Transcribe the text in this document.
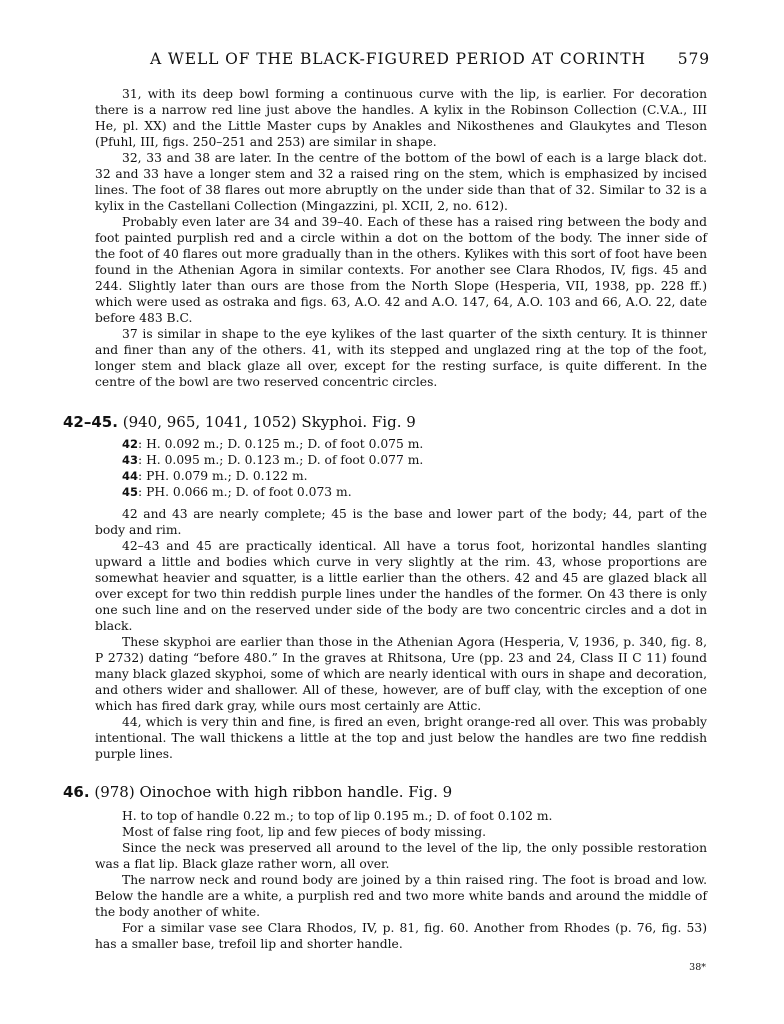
A WELL OF THE BLACK-FIGURED PERIOD AT CORINTH 579

31, with its deep bowl forming a continuous curve with the lip, is earlier. For decoration there is a narrow red line just above the handles. A kylix in the Robinson Collection (C.V.A., III He, pl. XX) and the Little Master cups by Anakles and Nikosthenes and Glaukytes and Tleson (Pfuhl, III, figs. 250–251 and 253) are similar in shape.

32, 33 and 38 are later. In the centre of the bottom of the bowl of each is a large black dot. 32 and 33 have a longer stem and 32 a raised ring on the stem, which is emphasized by incised lines. The foot of 38 flares out more abruptly on the under side than that of 32. Similar to 32 is a kylix in the Castellani Collection (Mingazzini, pl. XCII, 2, no. 612).

Probably even later are 34 and 39–40. Each of these has a raised ring between the body and foot painted purplish red and a circle within a dot on the bottom of the body. The inner side of the foot of 40 flares out more gradually than in the others. Kylikes with this sort of foot have been found in the Athenian Agora in similar contexts. For another see Clara Rhodos, IV, figs. 45 and 244. Slightly later than ours are those from the North Slope (Hesperia, VII, 1938, pp. 228 ff.) which were used as ostraka and figs. 63, A.O. 42 and A.O. 147, 64, A.O. 103 and 66, A.O. 22, date before 483 B.C.

37 is similar in shape to the eye kylikes of the last quarter of the sixth century. It is thinner and finer than any of the others. 41, with its stepped and unglazed ring at the top of the foot, longer stem and black glaze all over, except for the resting surface, is quite different. In the centre of the bowl are two reserved concentric circles.

42–45. (940, 965, 1041, 1052) Skyphoi. Fig. 9
42: H. 0.092 m.; D. 0.125 m.; D. of foot 0.075 m.
43: H. 0.095 m.; D. 0.123 m.; D. of foot 0.077 m.
44: PH. 0.079 m.; D. 0.122 m.
45: PH. 0.066 m.; D. of foot 0.073 m.

42 and 43 are nearly complete; 45 is the base and lower part of the body; 44, part of the body and rim.

42–43 and 45 are practically identical. All have a torus foot, horizontal handles slanting upward a little and bodies which curve in very slightly at the rim. 43, whose proportions are somewhat heavier and squatter, is a little earlier than the others. 42 and 45 are glazed black all over except for two thin reddish purple lines under the handles of the former. On 43 there is only one such line and on the reserved under side of the body are two concentric circles and a dot in black.

These skyphoi are earlier than those in the Athenian Agora (Hesperia, V, 1936, p. 340, fig. 8, P 2732) dating “before 480.” In the graves at Rhitsona, Ure (pp. 23 and 24, Class II C 11) found many black glazed skyphoi, some of which are nearly identical with ours in shape and decoration, and others wider and shallower. All of these, however, are of buff clay, with the exception of one which has fired dark gray, while ours most certainly are Attic.

44, which is very thin and fine, is fired an even, bright orange-red all over. This was probably intentional. The wall thickens a little at the top and just below the handles are two fine reddish purple lines.

46. (978) Oinochoe with high ribbon handle. Fig. 9

H. to top of handle 0.22 m.; to top of lip 0.195 m.; D. of foot 0.102 m.

Most of false ring foot, lip and few pieces of body missing.

Since the neck was preserved all around to the level of the lip, the only possible restoration was a flat lip. Black glaze rather worn, all over.

The narrow neck and round body are joined by a thin raised ring. The foot is broad and low. Below the handle are a white, a purplish red and two more white bands and around the middle of the body another of white.

For a similar vase see Clara Rhodos, IV, p. 81, fig. 60. Another from Rhodes (p. 76, fig. 53) has a smaller base, trefoil lip and shorter handle.

38*
